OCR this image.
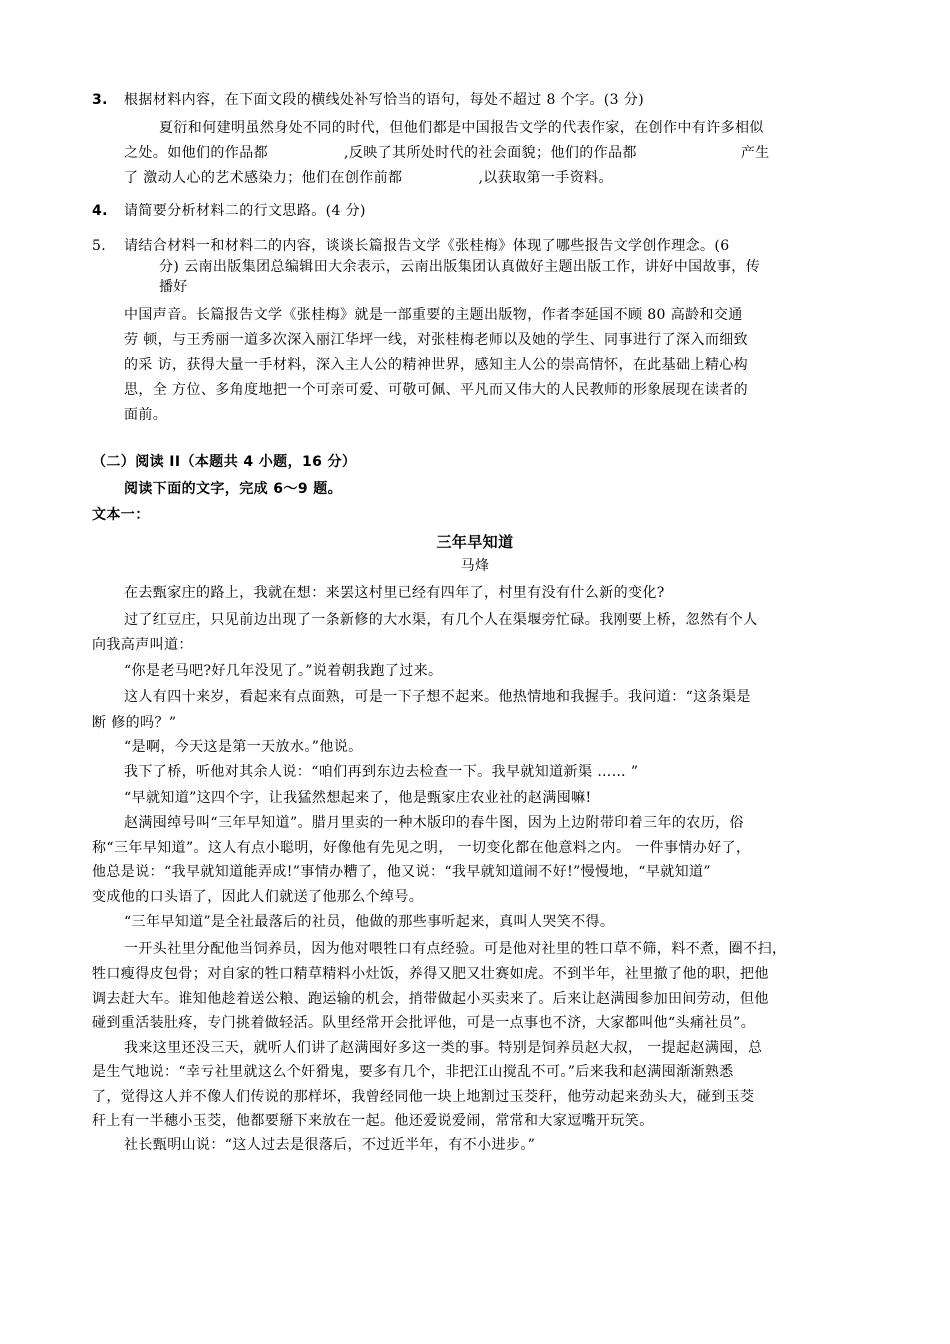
3. 根据材料内容，在下面文段的横线处补写恰当的语句，每处不超过 8 个字。(3 分)
夏衍和何建明虽然身处不同的时代，但他们都是中国报告文学的代表作家，在创作中有许多相似
之处。如他们的作品都	,反映了其所处时代的社会面貌；他们的作品都	产生
了 激动人心的艺术感染力；他们在创作前都	,以获取第一手资料。
4. 请简要分析材料二的行文思路。(4 分)
5. 请结合材料一和材料二的内容，谈谈长篇报告文学《张桂梅》体现了哪些报告文学创作理念。(6
分) 云南出版集团总编辑田大余表示，云南出版集团认真做好主题出版工作，讲好中国故事，传
播好
中国声音。长篇报告文学《张桂梅》就是一部重要的主题出版物，作者李延国不顾 80 高龄和交通
劳 顿，与王秀丽一道多次深入丽江华坪一线，对张桂梅老师以及她的学生、同事进行了深入而细致
的采 访，获得大量一手材料，深入主人公的精神世界，感知主人公的崇高情怀，在此基础上精心构
思，全 方位、多角度地把一个可亲可爱、可敬可佩、平凡而又伟大的人民教师的形象展现在读者的
面前。
（二）阅读 II（本题共 4 小题，16 分）
阅读下面的文字，完成 6～9 题。
文本一：
三年早知道
马烽
在去甄家庄的路上，我就在想：来罢这村里已经有四年了，村里有没有什么新的变化?
过了红豆庄，只见前边出现了一条新修的大水渠，有几个人在渠堰旁忙碌。我刚要上桥，忽然有个人
向我高声叫道：
“你是老马吧?好几年没见了。”说着朝我跑了过来。
这人有四十来岁，看起来有点面熟，可是一下子想不起来。他热情地和我握手。我问道：“这条渠是
断 修的吗？”
“是啊，今天这是第一天放水。”他说。
我下了桥，听他对其余人说：“咱们再到东边去检查一下。我早就知道新渠 …… ”
“早就知道”这四个字，让我猛然想起来了，他是甄家庄农业社的赵满囤嘛!
赵满囤绰号叫“三年早知道”。腊月里卖的一种木版印的春牛图，因为上边附带印着三年的农历，俗
称“三年早知道”。这人有点小聪明，好像他有先见之明， 一切变化都在他意料之内。 一件事情办好了，
他总是说：“我早就知道能弄成!”事情办糟了，他又说：“我早就知道闹不好!”慢慢地，“早就知道”
变成他的口头语了，因此人们就送了他那么个绰号。
“三年早知道”是全社最落后的社员，他做的那些事听起来，真叫人哭笑不得。
一开头社里分配他当饲养员，因为他对喂牲口有点经验。可是他对社里的牲口草不筛，料不煮，圈不扫，
牲口瘦得皮包骨；对自家的牲口精草精料小灶饭，养得又肥又壮赛如虎。不到半年，社里撤了他的职，把他
调去赶大车。谁知他趁着送公粮、跑运输的机会，捎带做起小买卖来了。后来让赵满囤参加田间劳动，但他
碰到重活装肚疼，专门挑着做轻活。队里经常开会批评他，可是一点事也不济，大家都叫他“头痛社员”。
我来这里还没三天，就听人们讲了赵满囤好多这一类的事。特别是饲养员赵大叔， 一提起赵满囤，总
是生气地说：“幸亏社里就这么个奸猾鬼，要多有几个，非把江山搅乱不可。”后来我和赵满囤渐渐熟悉
了，觉得这人并不像人们传说的那样坏，我曾经同他一块上地割过玉茭秆，他劳动起来劲头大，碰到玉茭
秆上有一半穗小玉茭，他都要掰下来放在一起。他还爱说爱闹，常常和大家逗嘴开玩笑。
社长甄明山说：“这人过去是很落后，不过近半年，有不小进步。”
